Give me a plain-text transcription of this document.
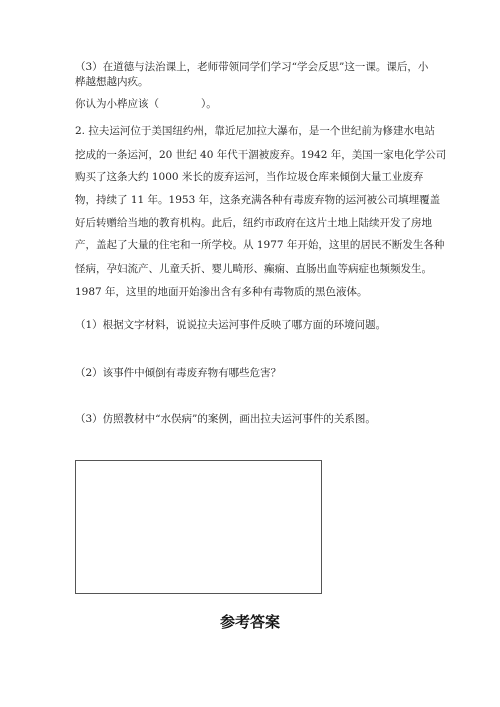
（3）在道德与法治课上，老师带领同学们学习“学会反思”这一课。课后，小
桦越想越内疚。
你认为小桦应该（　　　　）。
2. 拉夫运河位于美国纽约州，靠近尼加拉大瀑布，是一个世纪前为修建水电站
挖成的一条运河，20 世纪 40 年代干涸被废弃。1942 年，美国一家电化学公司
购买了这条大约 1000 米长的废弃运河，当作垃圾仓库来倾倒大量工业废弃
物，持续了 11 年。1953 年，这条充满各种有毒废弃物的运河被公司填埋覆盖
好后转赠给当地的教育机构。此后，纽约市政府在这片土地上陆续开发了房地
产，盖起了大量的住宅和一所学校。从 1977 年开始，这里的居民不断发生各种
怪病，孕妇流产、儿童夭折、婴儿畸形、癫痫、直肠出血等病症也频频发生。
1987 年，这里的地面开始渗出含有多种有毒物质的黑色液体。
（1）根据文字材料，说说拉夫运河事件反映了哪方面的环境问题。
（2）该事件中倾倒有毒废弃物有哪些危害？
（3）仿照教材中“水俣病”的案例，画出拉夫运河事件的关系图。
参考答案
